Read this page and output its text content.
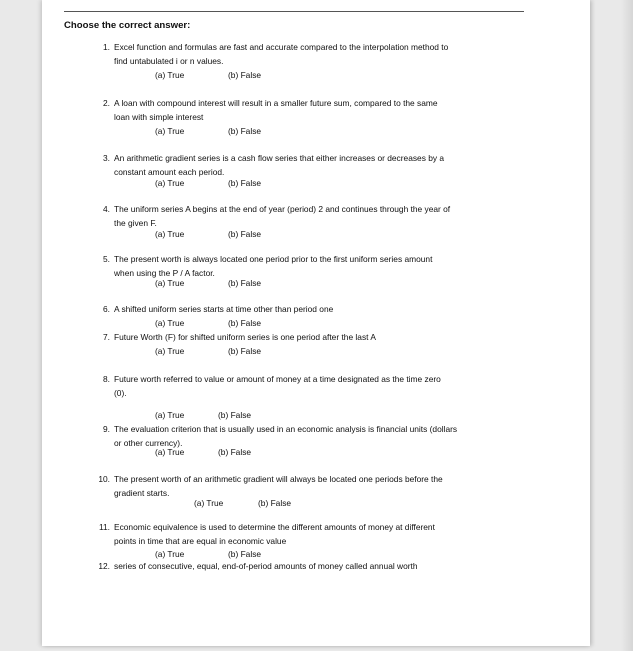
Choose the correct answer:
1. Excel function and formulas are fast and accurate compared to the interpolation method to
find untabulated i or n values.
(a) True	(b) False
2. A loan with compound interest will result in a smaller future sum, compared to the same
loan with simple interest
(a) True	(b) False
3. An arithmetic gradient series is a cash flow series that either increases or decreases by a
constant amount each period.
(a) True	(b) False
4. The uniform series A begins at the end of year (period) 2 and continues through the year of
the given F.
(a) True	(b) False
5. The present worth is always located one period prior to the first uniform series amount
when using the P / A factor.
(a) True	(b) False
6. A shifted uniform series starts at time other than period one
(a) True	(b) False
7. Future Worth (F) for shifted uniform series is one period after the last A
(a) True	(b) False
8. Future worth referred to value or amount of money at a time designated as the time zero
(0).
(a) True	(b) False
9. The evaluation criterion that is usually used in an economic analysis is financial units (dollars
or other currency).
(a) True	(b) False
10. The present worth of an arithmetic gradient will always be located one periods before the
gradient starts.
(a) True	(b) False
11. Economic equivalence is used to determine the different amounts of money at different
points in time that are equal in economic value
(a) True	(b) False
12. series of consecutive, equal, end-of-period amounts of money called annual worth
